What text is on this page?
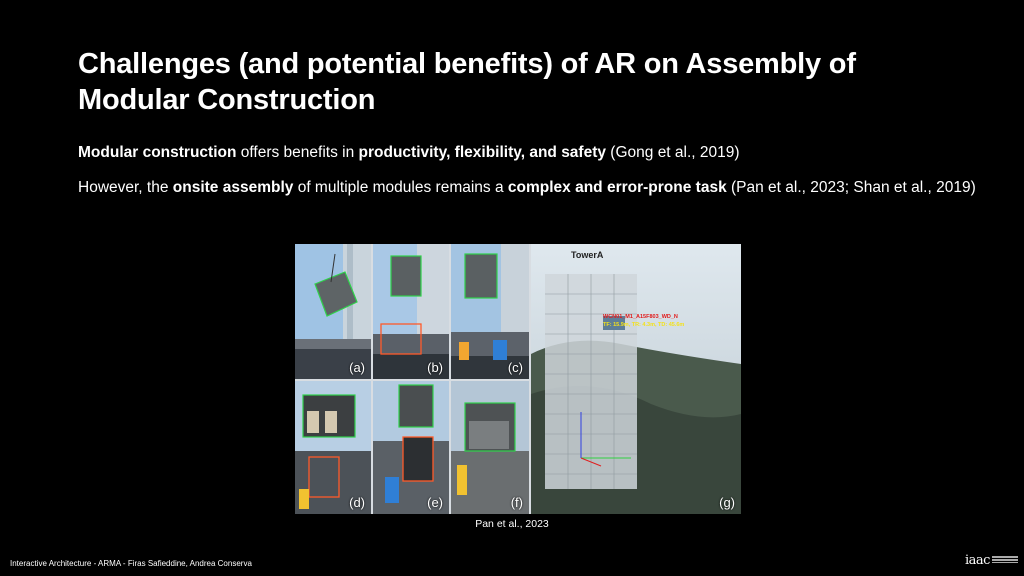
Challenges (and potential benefits) of AR on Assembly of Modular Construction
Modular construction offers benefits in productivity, flexibility, and safety (Gong et al., 2019)
However, the onsite assembly of multiple modules remains a complex and error-prone task (Pan et al., 2023; Shan et al., 2019)
(a)	(b)	(c)
(d)	(e)	(f)
TowerA
WCN01_M1_A15F803_WD_N
TF: 15.9m, TR: 4.3m, TD: 45.6m
(g)
Pan et al., 2023
Interactive Architecture - ARMA - Firas Safieddine, Andrea Conserva	iaac
